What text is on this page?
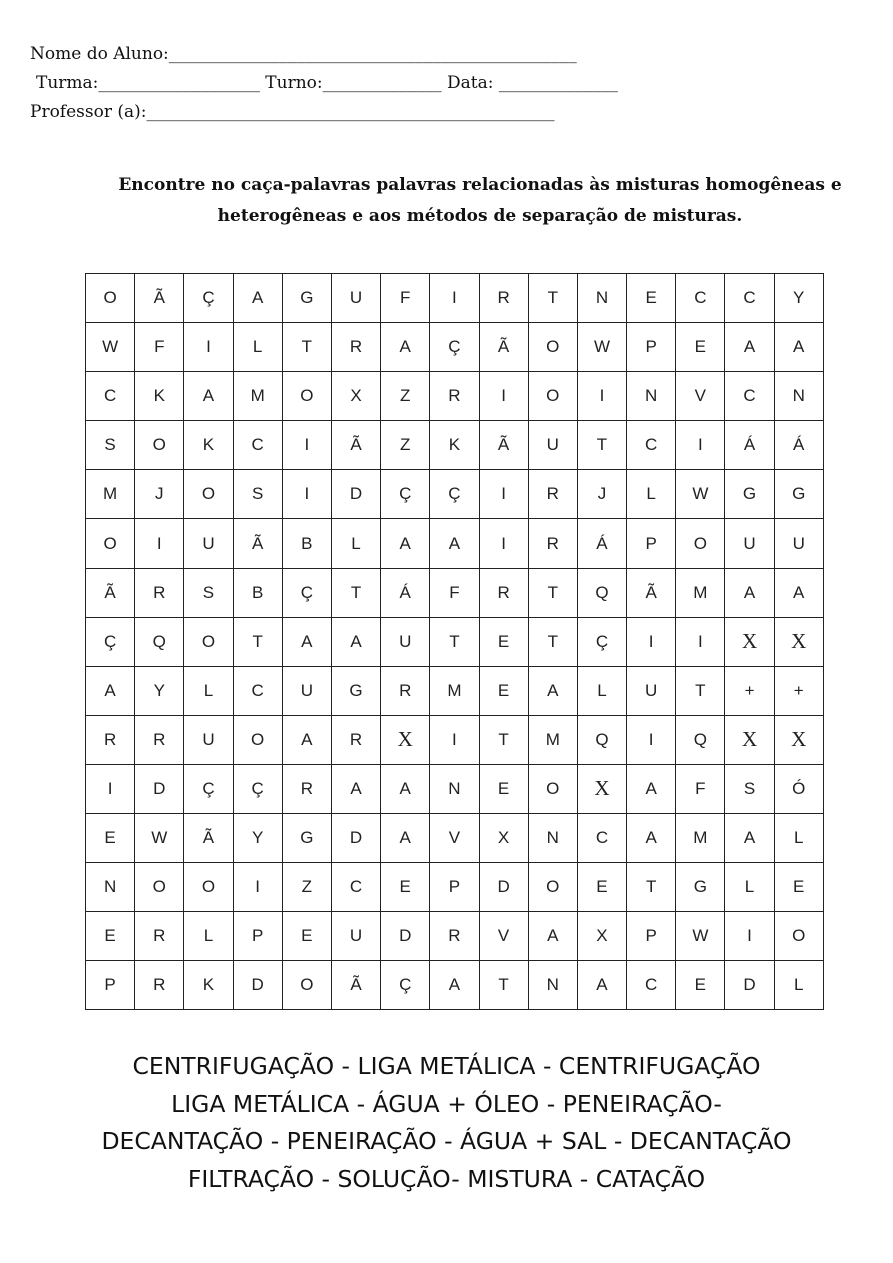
Nome do Aluno:________________________________________________
Turma:___________________ Turno:______________ Data: ______________
Professor (a):________________________________________________
Encontre no caça-palavras palavras relacionadas às misturas homogêneas e heterogêneas e aos métodos de separação de misturas.
O	Ã	Ç	A	G	U	F	I	R	T	N	E	C	C	Y
W	F	I	L	T	R	A	Ç	Ã	O	W	P	E	A	A
C	K	A	M	O	X	Z	R	I	O	I	N	V	C	N
S	O	K	C	I	Ã	Z	K	Ã	U	T	C	I	Á	Á
M	J	O	S	I	D	Ç	Ç	I	R	J	L	W	G	G
O	I	U	Ã	B	L	A	A	I	R	Á	P	O	U	U
Ã	R	S	B	Ç	T	Á	F	R	T	Q	Ã	M	A	A
Ç	Q	O	T	A	A	U	T	E	T	Ç	I	I	X	X
A	Y	L	C	U	G	R	M	E	A	L	U	T	+	+
R	R	U	O	A	R	X	I	T	M	Q	I	Q	X	X
I	D	Ç	Ç	R	A	A	N	E	O	X	A	F	S	Ó
E	W	Ã	Y	G	D	A	V	X	N	C	A	M	A	L
N	O	O	I	Z	C	E	P	D	O	E	T	G	L	E
E	R	L	P	E	U	D	R	V	A	X	P	W	I	O
P	R	K	D	O	Ã	Ç	A	T	N	A	C	E	D	L
CENTRIFUGAÇÃO - LIGA METÁLICA - CENTRIFUGAÇÃO
LIGA METÁLICA - ÁGUA + ÓLEO - PENEIRAÇÃO-
DECANTAÇÃO - PENEIRAÇÃO - ÁGUA + SAL - DECANTAÇÃO
FILTRAÇÃO - SOLUÇÃO- MISTURA - CATAÇÃO
